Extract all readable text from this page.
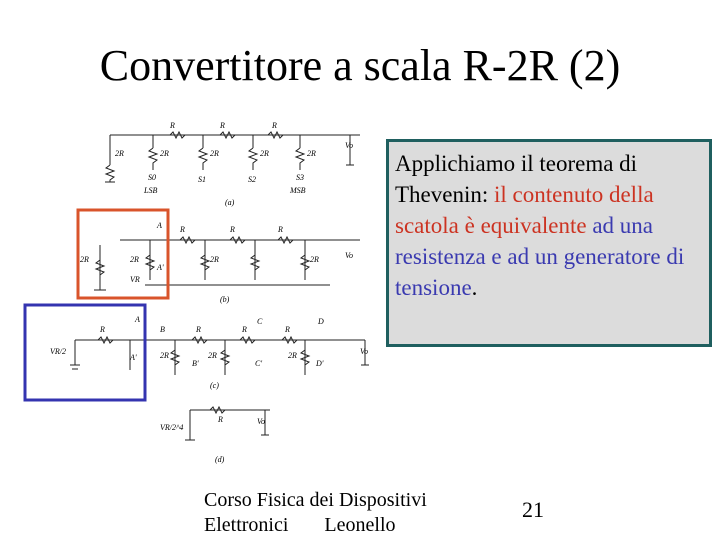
Convertitore a scala R-2R (2)
R	R	R
2R	2R	2R	2R	2R
S0	S1	S2	S3
LSB	MSB
Vo
(a)
A
A'
R	R	R
2R	2R	2R	2R
VR
Vo
(b)
A
A'
B
B'
C
C'
D
D'
R	R	R	R
2R	2R	2R
VR/2	Vo
(c)
VR/2^4
R	Vo
(d)
Applichiamo il teorema di Thevenin: il contenuto della scatola è equivalente ad una resistenza e ad un generatore di tensione.
Corso Fisica dei Dispositivi
Elettronici Leonello
21
